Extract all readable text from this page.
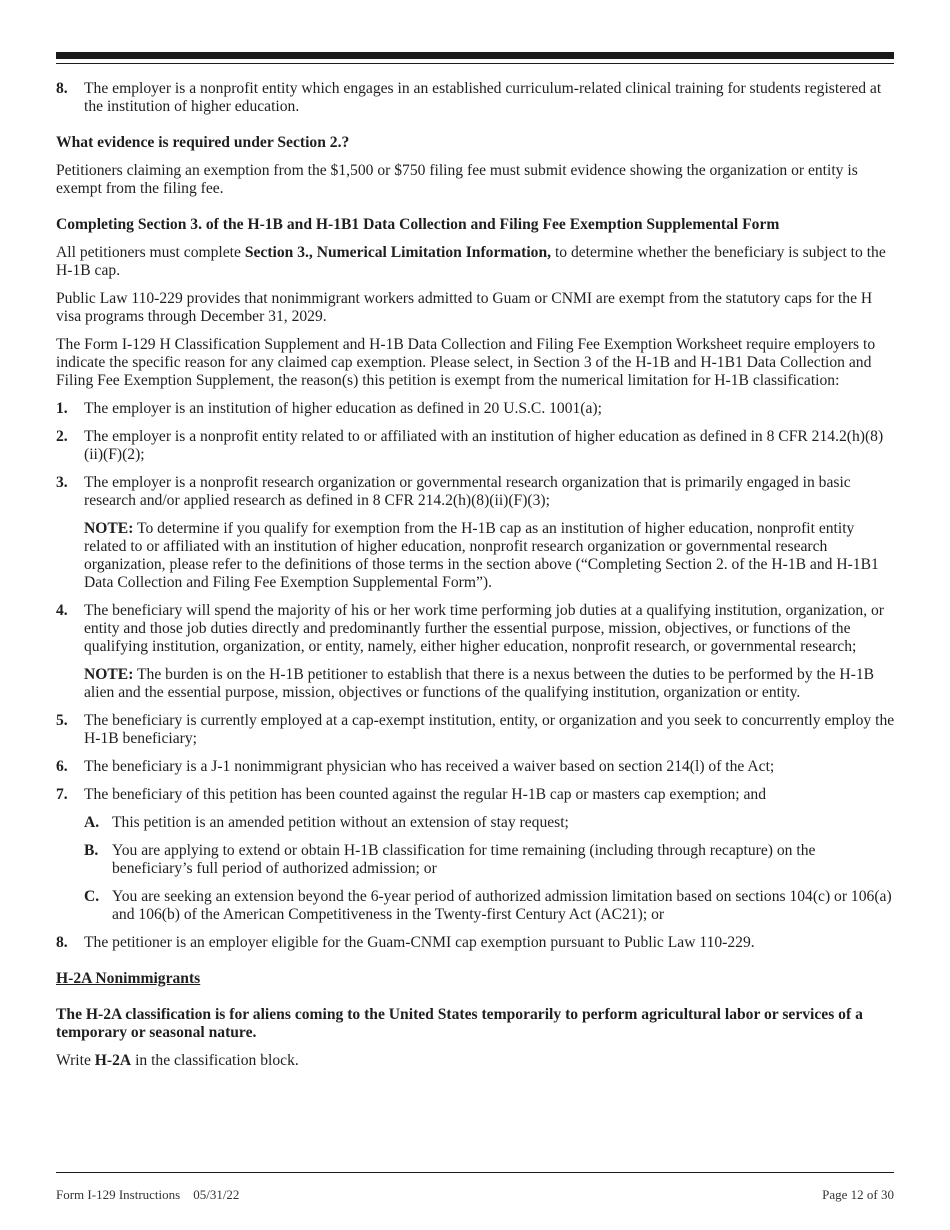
8. The employer is a nonprofit entity which engages in an established curriculum-related clinical training for students registered at the institution of higher education.

What evidence is required under Section 2.?

Petitioners claiming an exemption from the $1,500 or $750 filing fee must submit evidence showing the organization or entity is exempt from the filing fee.

Completing Section 3. of the H-1B and H-1B1 Data Collection and Filing Fee Exemption Supplemental Form

All petitioners must complete Section 3., Numerical Limitation Information, to determine whether the beneficiary is subject to the H-1B cap.

Public Law 110-229 provides that nonimmigrant workers admitted to Guam or CNMI are exempt from the statutory caps for the H visa programs through December 31, 2029.

The Form I-129 H Classification Supplement and H-1B Data Collection and Filing Fee Exemption Worksheet require employers to indicate the specific reason for any claimed cap exemption. Please select, in Section 3 of the H-1B and H-1B1 Data Collection and Filing Fee Exemption Supplement, the reason(s) this petition is exempt from the numerical limitation for H-1B classification:

1. The employer is an institution of higher education as defined in 20 U.S.C. 1001(a);

2. The employer is a nonprofit entity related to or affiliated with an institution of higher education as defined in 8 CFR 214.2(h)(8)(ii)(F)(2);

3. The employer is a nonprofit research organization or governmental research organization that is primarily engaged in basic research and/or applied research as defined in 8 CFR 214.2(h)(8)(ii)(F)(3);

NOTE: To determine if you qualify for exemption from the H-1B cap as an institution of higher education, nonprofit entity related to or affiliated with an institution of higher education, nonprofit research organization or governmental research organization, please refer to the definitions of those terms in the section above (“Completing Section 2. of the H-1B and H-1B1 Data Collection and Filing Fee Exemption Supplemental Form”).

4. The beneficiary will spend the majority of his or her work time performing job duties at a qualifying institution, organization, or entity and those job duties directly and predominantly further the essential purpose, mission, objectives, or functions of the qualifying institution, organization, or entity, namely, either higher education, nonprofit research, or governmental research;

NOTE: The burden is on the H-1B petitioner to establish that there is a nexus between the duties to be performed by the H-1B alien and the essential purpose, mission, objectives or functions of the qualifying institution, organization or entity.

5. The beneficiary is currently employed at a cap-exempt institution, entity, or organization and you seek to concurrently employ the H-1B beneficiary;

6. The beneficiary is a J-1 nonimmigrant physician who has received a waiver based on section 214(l) of the Act;

7. The beneficiary of this petition has been counted against the regular H-1B cap or masters cap exemption; and

A. This petition is an amended petition without an extension of stay request;

B. You are applying to extend or obtain H-1B classification for time remaining (including through recapture) on the beneficiary’s full period of authorized admission; or

C. You are seeking an extension beyond the 6-year period of authorized admission limitation based on sections 104(c) or 106(a) and 106(b) of the American Competitiveness in the Twenty-first Century Act (AC21); or

8. The petitioner is an employer eligible for the Guam-CNMI cap exemption pursuant to Public Law 110-229.

H-2A Nonimmigrants

The H-2A classification is for aliens coming to the United States temporarily to perform agricultural labor or services of a temporary or seasonal nature.

Write H-2A in the classification block.

Form I-129 Instructions    05/31/22	Page 12 of 30
